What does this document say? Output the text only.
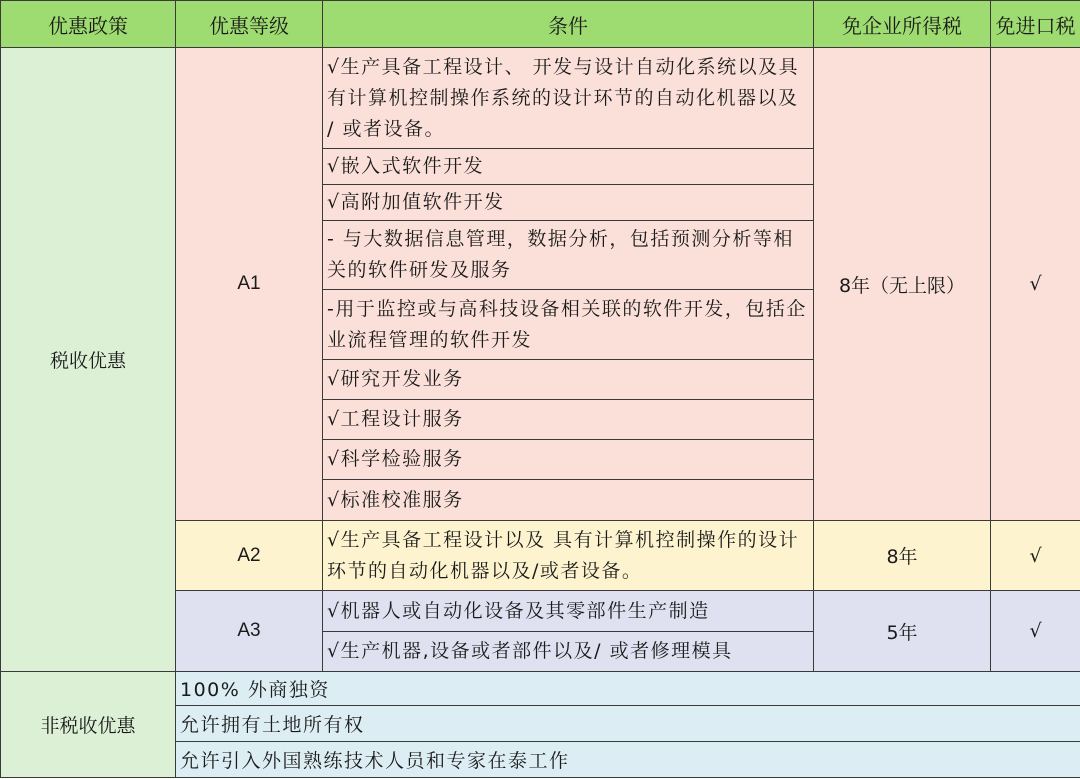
优惠政策	优惠等级	条件	免企业所得税	免进口税
税收优惠	A1	√生产具备工程设计、 开发与设计自动化系统以及具有计算机控制操作系统的设计环节的自动化机器以及 / 或者设备。	8年（无上限）	√
		√嵌入式软件开发		
		√高附加值软件开发		
		- 与大数据信息管理，数据分析，包括预测分析等相关的软件研发及服务		
		-用于监控或与高科技设备相关联的软件开发，包括企业流程管理的软件开发		
		√研究开发业务		
		√工程设计服务		
		√科学检验服务		
		√标准校准服务		
	A2	√生产具备工程设计以及 具有计算机控制操作的设计环节的自动化机器以及/或者设备。	8年	√
	A3	√机器人或自动化设备及其零部件生产制造	5年	√
		√生产机器,设备或者部件以及/ 或者修理模具		
非税收优惠	100% 外商独资			
	允许拥有土地所有权			
	允许引入外国熟练技术人员和专家在泰工作			
